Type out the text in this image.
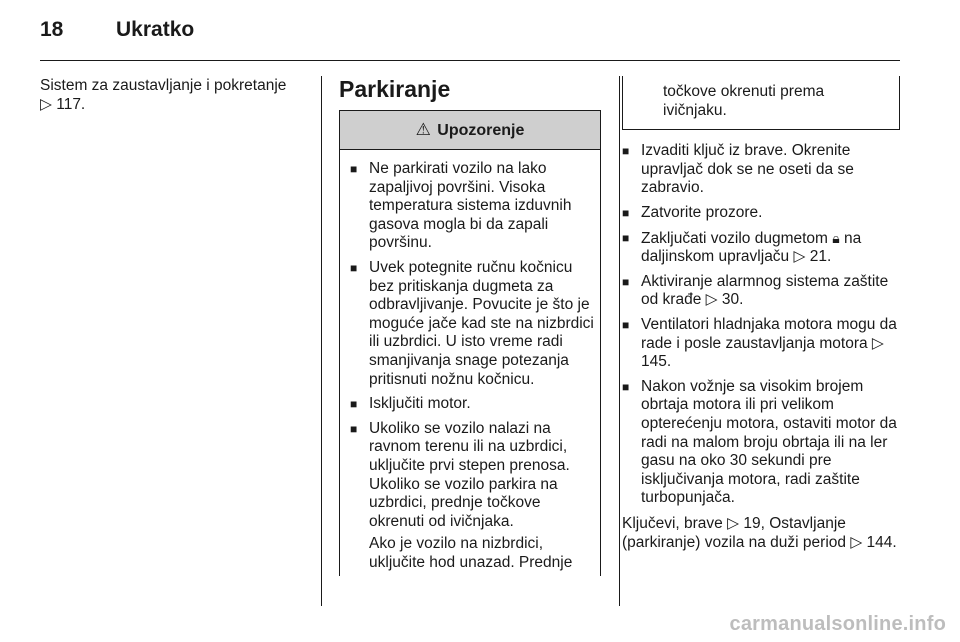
18	Ukratko
Sistem za zaustavljanje i pokretanje
▷ 117.
Parkiranje
⚠ Upozorenje
■ Ne parkirati vozilo na lako zapaljivoj površini. Visoka temperatura sistema izduvnih gasova mogla bi da zapali površinu.
■ Uvek potegnite ručnu kočnicu bez pritiskanja dugmeta za odbravljivanje. Povucite je što je moguće jače kad ste na nizbrdici ili uzbrdici. U isto vreme radi smanjivanja snage potezanja pritisnuti nožnu kočnicu.
■ Isključiti motor.
■ Ukoliko se vozilo nalazi na ravnom terenu ili na uzbrdici, uključite prvi stepen prenosa. Ukoliko se vozilo parkira na uzbrdici, prednje točkove okrenuti od ivičnjaka.
Ako je vozilo na nizbrdici, uključite hod unazad. Prednje
točkove okrenuti prema ivičnjaku.
■ Izvaditi ključ iz brave. Okrenite upravljač dok se ne oseti da se zabravio.
■ Zatvorite prozore.
■ Zaključati vozilo dugmetom 🔒︎ na daljinskom upravljaču ▷ 21.
■ Aktiviranje alarmnog sistema zaštite od krađe ▷ 30.
■ Ventilatori hladnjaka motora mogu da rade i posle zaustavljanja motora ▷ 145.
■ Nakon vožnje sa visokim brojem obrtaja motora ili pri velikom opterećenju motora, ostaviti motor da radi na malom broju obrtaja ili na ler gasu na oko 30 sekundi pre isključivanja motora, radi zaštite turbopunjača.
Ključevi, brave ▷ 19, Ostavljanje (parkiranje) vozila na duži period ▷ 144.
carmanualsonline.info
